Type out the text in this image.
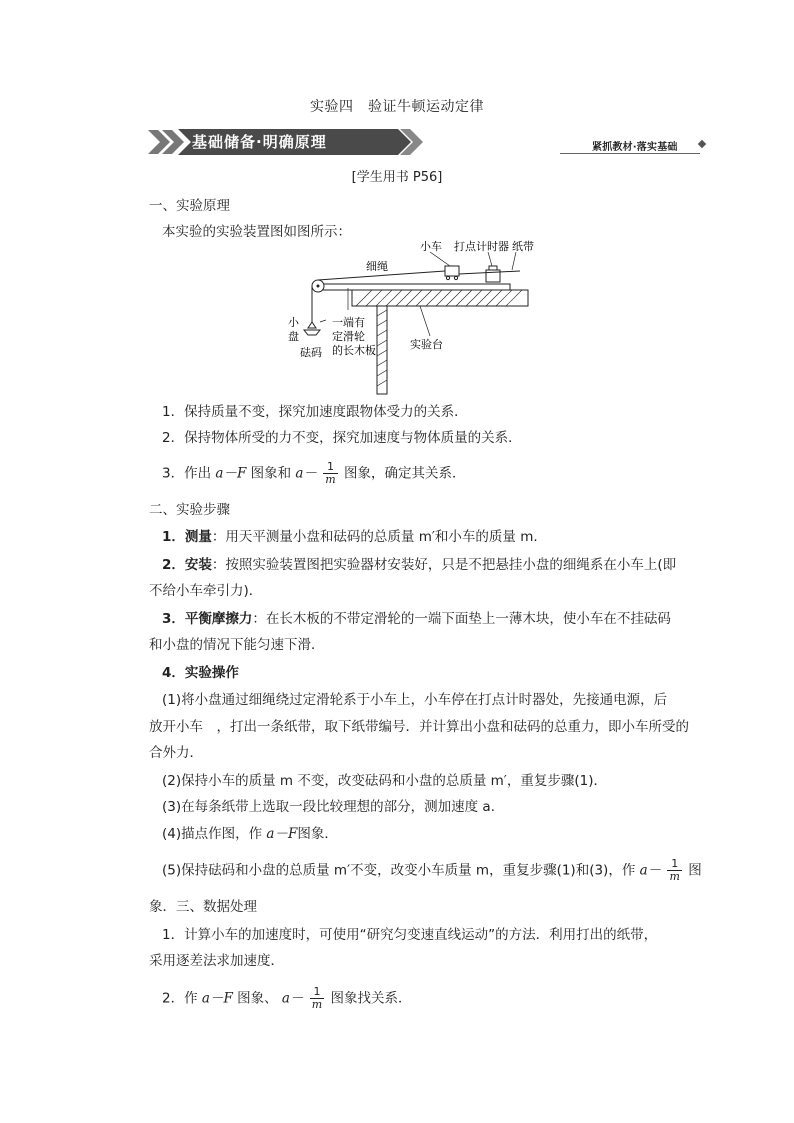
实验四　验证牛顿运动定律
基础储备·明确原理	紧抓教材·落实基础
[学生用书 P56]
一、实验原理
本实验的实验装置图如图所示：
小车 打点计时器 纸带
细绳
小
盘
砝码
一端有
定滑轮
的长木板	实验台
1．保持质量不变，探究加速度跟物体受力的关系．
2．保持物体所受的力不变，探究加速度与物体质量的关系．
3．作出 a－F 图象和 $a- \frac{1}{m}$ 图象，确定其关系．
二、实验步骤
1．测量：用天平测量小盘和砝码的总质量 m′和小车的质量 m.
2．安装：按照实验装置图把实验器材安装好，只是不把悬挂小盘的细绳系在小车上(即
不给小车牵引力)．
3．平衡摩擦力：在长木板的不带定滑轮的一端下面垫上一薄木块，使小车在不挂砝码
和小盘的情况下能匀速下滑．
4．实验操作
(1)将小盘通过细绳绕过定滑轮系于小车上，小车停在打点计时器处，先接通电源，后
放开小车　，打出一条纸带，取下纸带编号．并计算出小盘和砝码的总重力，即小车所受的
合外力．
(2)保持小车的质量 m 不变，改变砝码和小盘的总质量 m′，重复步骤(1)．
(3)在每条纸带上选取一段比较理想的部分，测加速度 a.
(4)描点作图，作 a－F图象．
(5)保持砝码和小盘的总质量 m′不变，改变小车质量 m，重复步骤(1)和(3)，作 $a- \frac{1}{m}$ 图
象．三、数据处理
1．计算小车的加速度时，可使用“研究匀变速直线运动”的方法．利用打出的纸带，
采用逐差法求加速度．
2．作 a－F 图象、 $a- \frac{1}{m}$ 图象找关系．
